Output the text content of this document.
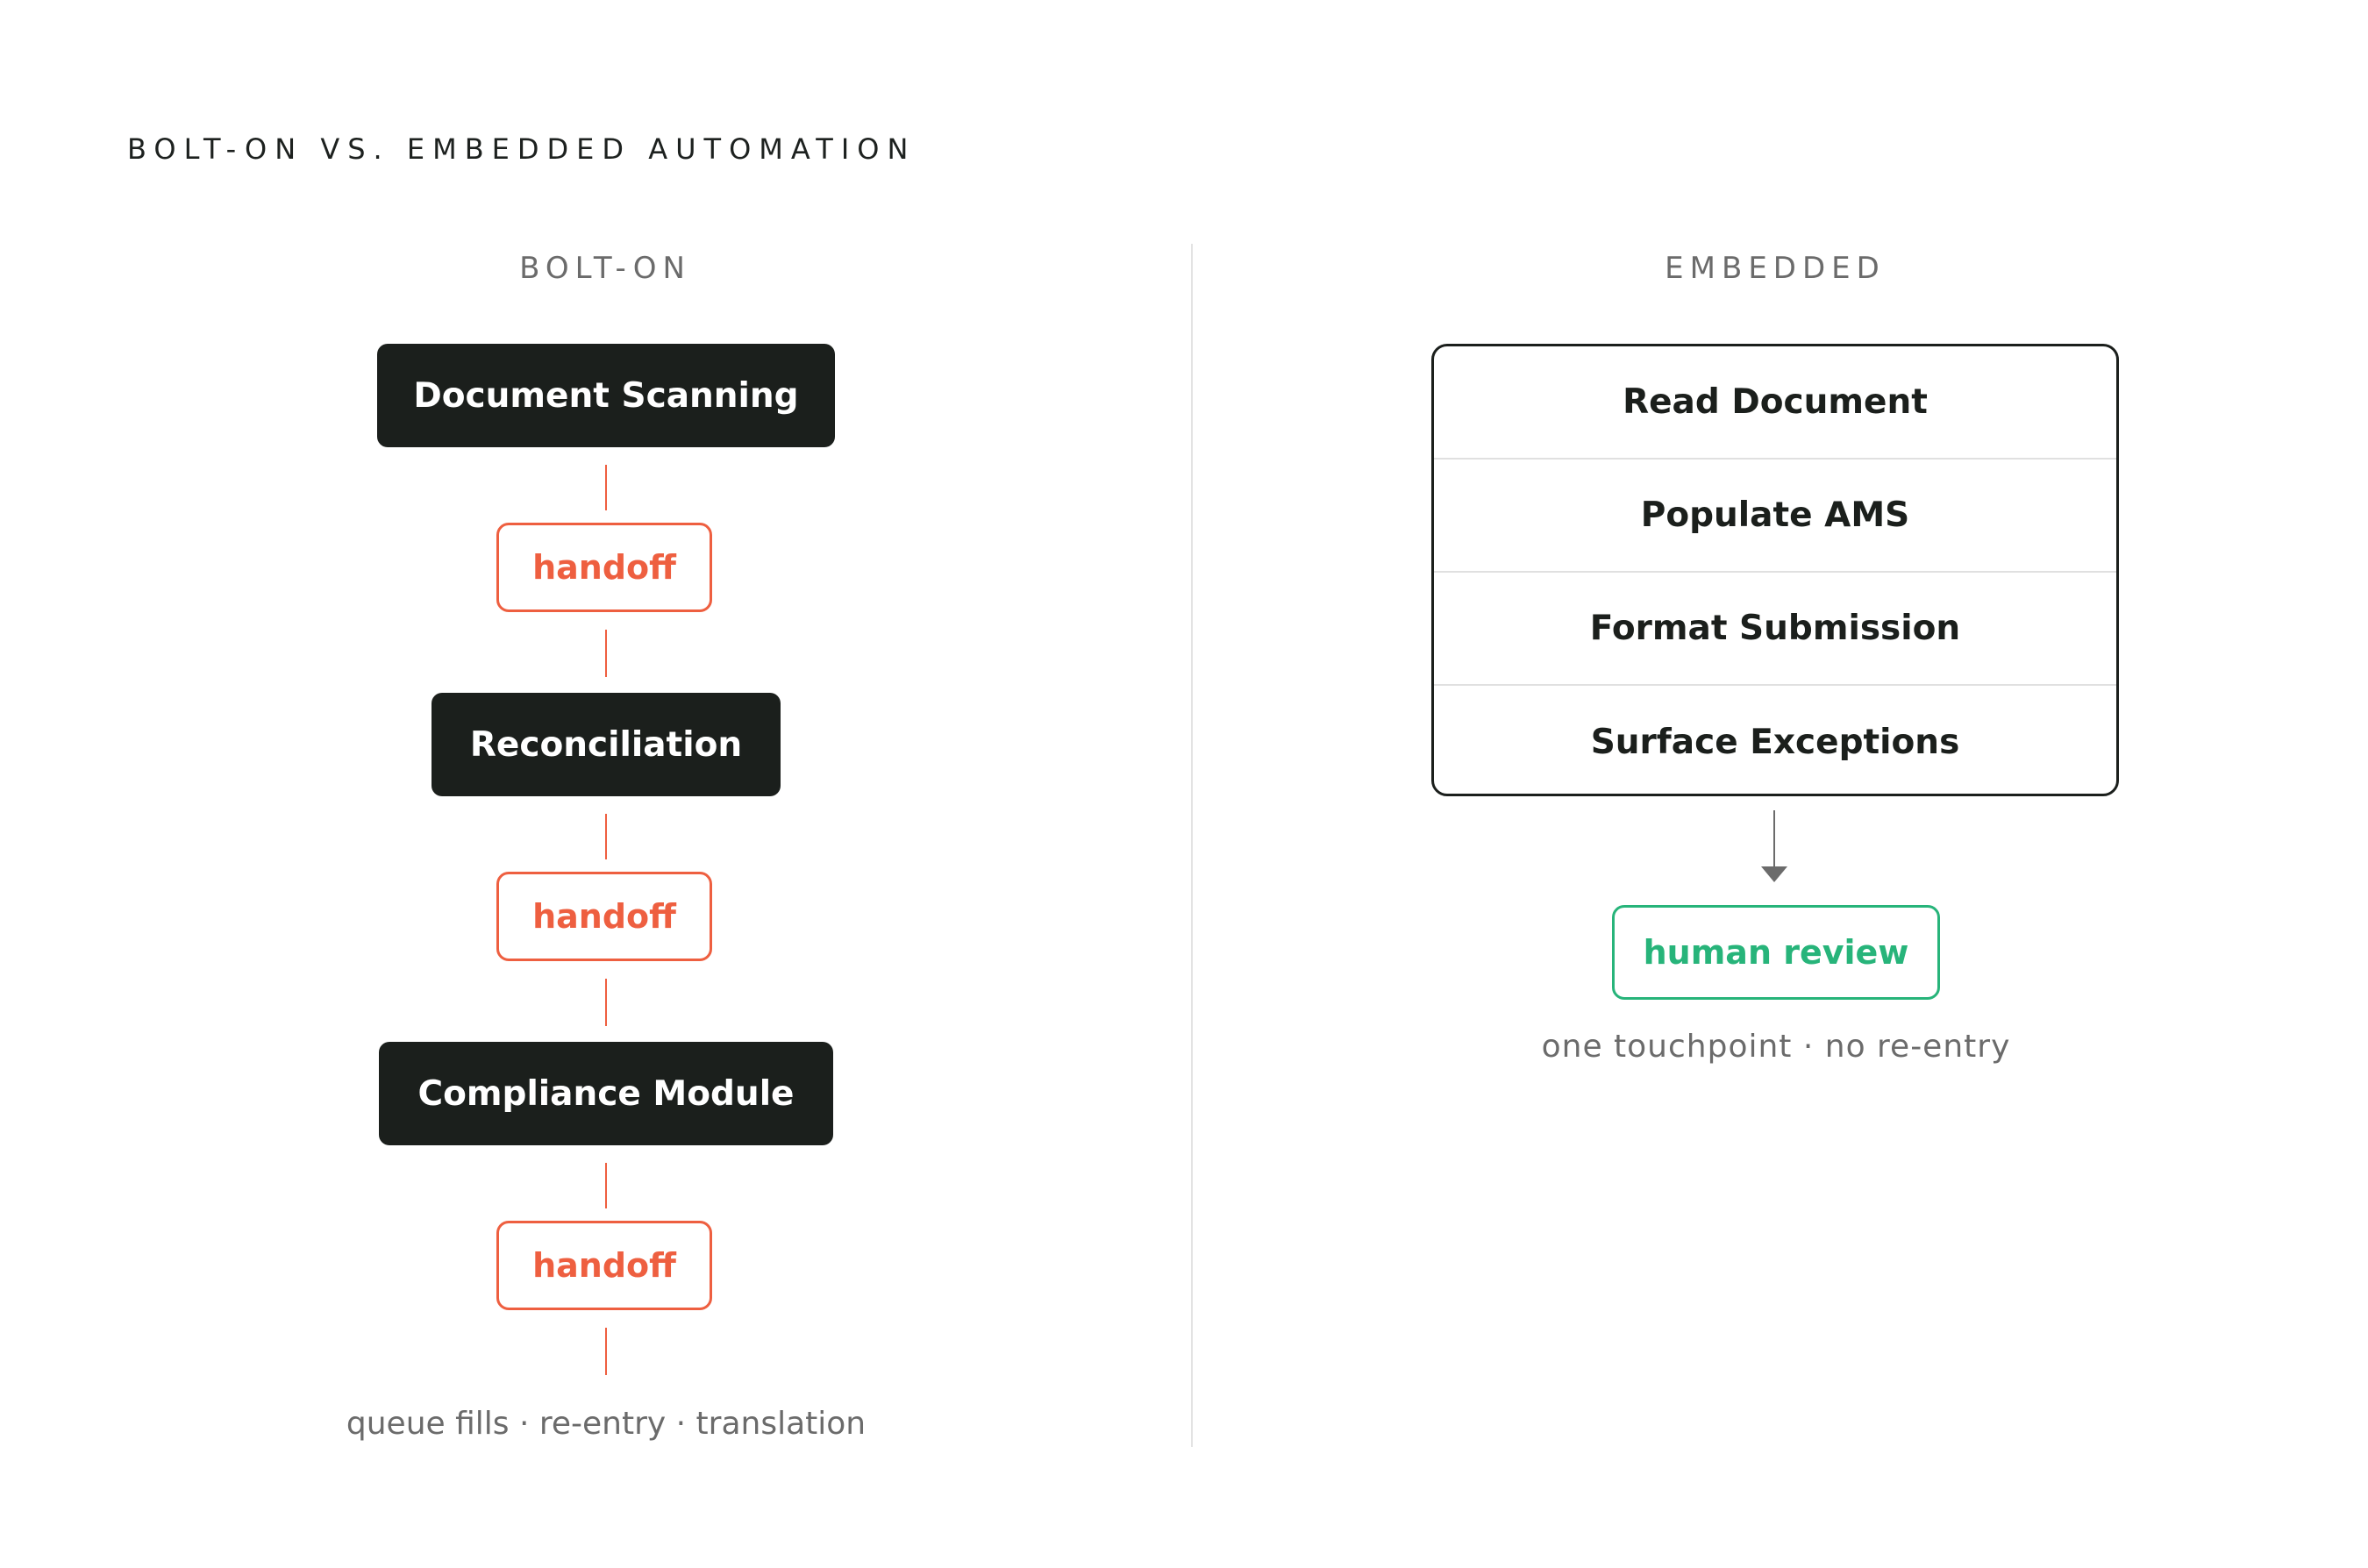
BOLT-ON VS. EMBEDDED AUTOMATION
BOLT-ON	EMBEDDED
Document Scanning
handoff
Reconciliation
handoff
Compliance Module
handoff
queue fills · re-entry · translation
Read Document
Populate AMS
Format Submission
Surface Exceptions
human review
one touchpoint · no re-entry
